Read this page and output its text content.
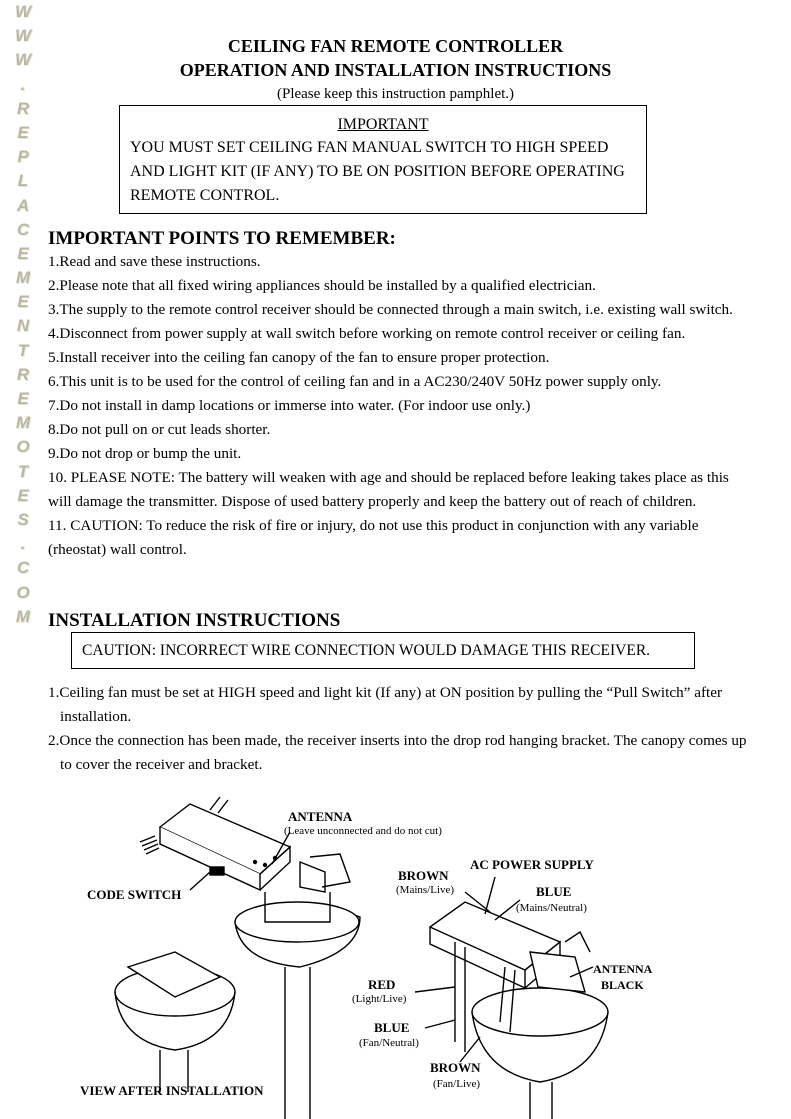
W
W
W
.
R
E
P
L
A
C
E
M
E
N
T
R
E
M
O
T
E
S
.
C
O
M
CEILING FAN REMOTE CONTROLLER
OPERATION AND INSTALLATION INSTRUCTIONS
(Please keep this instruction pamphlet.)
IMPORTANT
YOU MUST SET CEILING FAN MANUAL SWITCH TO HIGH SPEED
AND LIGHT KIT (IF ANY) TO BE ON POSITION BEFORE OPERATING
REMOTE CONTROL.
IMPORTANT POINTS TO REMEMBER:

1.Read and save these instructions.

2.Please note that all fixed wiring appliances should be installed by a qualified electrician.

3.The supply to the remote control receiver should be connected through a main switch, i.e. existing wall switch.

4.Disconnect from power supply at wall switch before working on remote control receiver or ceiling fan.

5.Install receiver into the ceiling fan canopy of the fan to ensure proper protection.

6.This unit is to be used for the control of ceiling fan and in a AC230/240V 50Hz power supply only.

7.Do not install in damp locations or immerse into water. (For indoor use only.)

8.Do not pull on or cut leads shorter.

9.Do not drop or bump the unit.

10. PLEASE NOTE: The battery will weaken with age and should be replaced before leaking takes place as this will damage the transmitter. Dispose of used battery properly and keep the battery out of reach of children.

11. CAUTION: To reduce the risk of fire or injury, do not use this product in conjunction with any variable (rheostat) wall control.

INSTALLATION INSTRUCTIONS
CAUTION: INCORRECT WIRE CONNECTION WOULD DAMAGE THIS RECEIVER.

1.Ceiling fan must be set at HIGH speed and light kit (If any) at ON position by pulling the “Pull Switch” after installation.

2.Once the connection has been made, the receiver inserts into the drop rod hanging bracket. The canopy comes up to cover the receiver and bracket.

ANTENNA
(Leave unconnected and do not cut)
CODE SWITCH
VIEW AFTER INSTALLATION
AC POWER SUPPLY
BROWN
(Mains/Live)	BLUE
(Mains/Neutral)
ANTENNA
BLACK
RED
(Light/Live)
BLUE
(Fan/Neutral)
BROWN
(Fan/Live)
